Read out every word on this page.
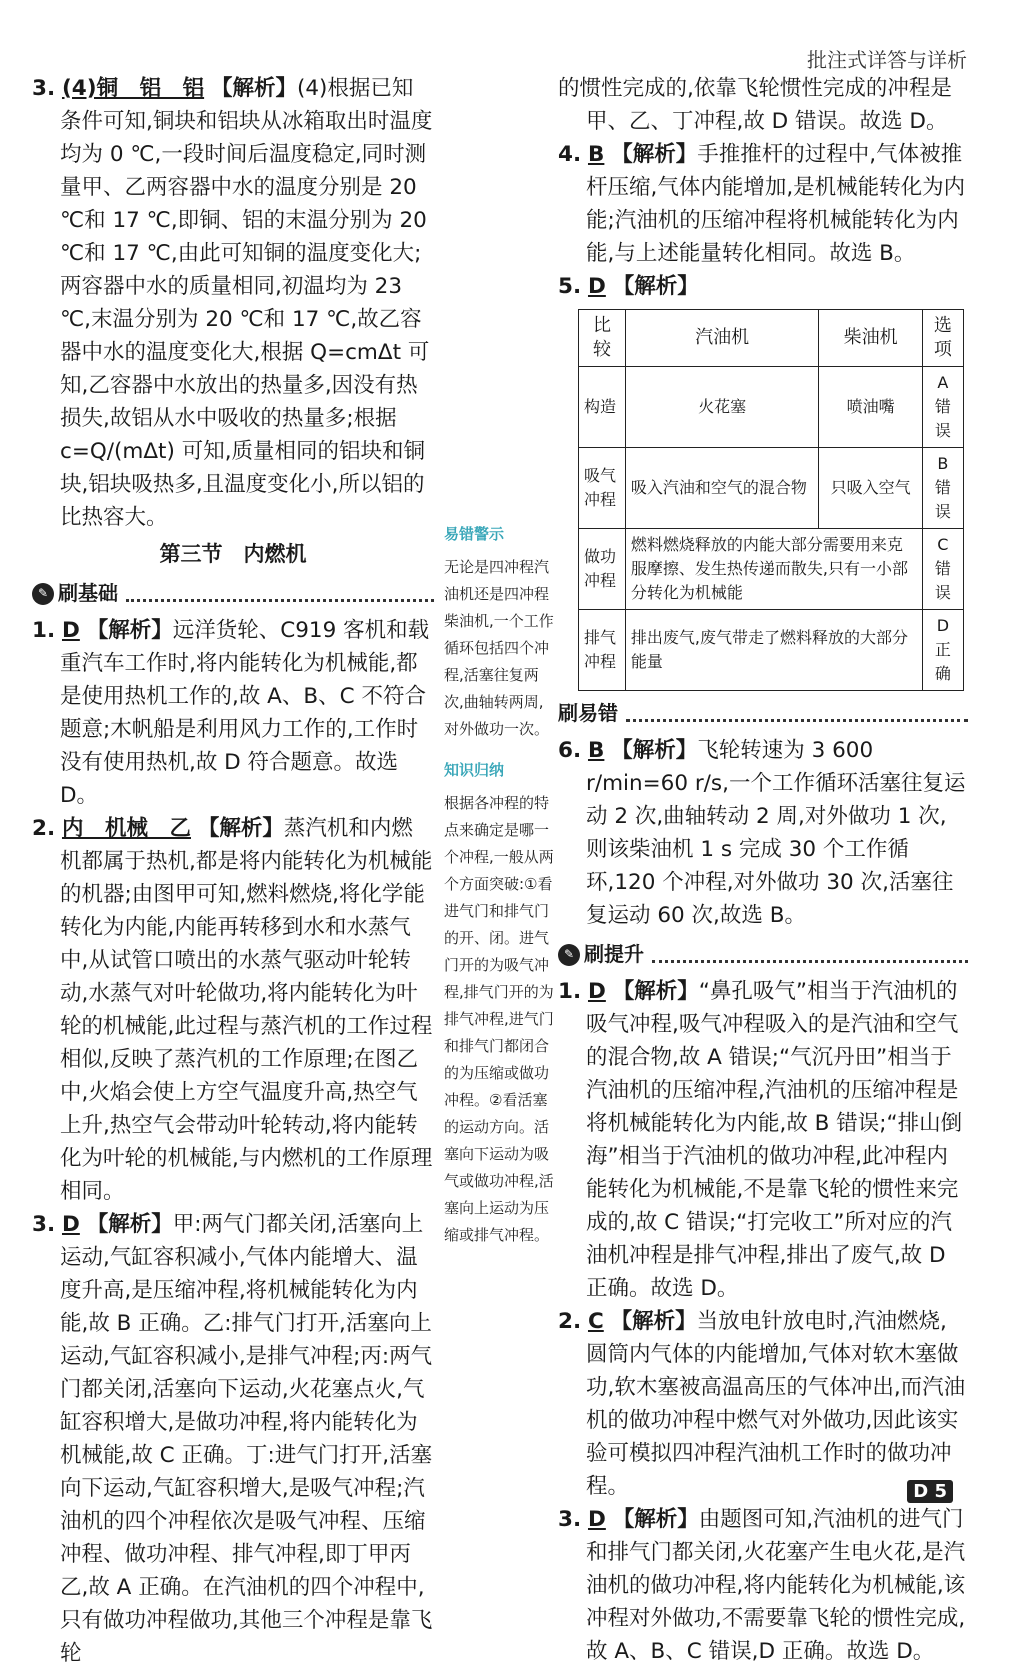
批注式详答与详析

3. (4)铜　铝　铝 【解析】(4)根据已知条件可知,铜块和铝块从冰箱取出时温度均为 0 ℃,一段时间后温度稳定,同时测量甲、乙两容器中水的温度分别是 20 ℃和 17 ℃,即铜、铝的末温分别为 20 ℃和 17 ℃,由此可知铜的温度变化大;两容器中水的质量相同,初温均为 23 ℃,末温分别为 20 ℃和 17 ℃,故乙容器中水的温度变化大,根据 Q=cmΔt 可知,乙容器中水放出的热量多,因没有热损失,故铝从水中吸收的热量多;根据 c=Q/(mΔt) 可知,质量相同的铝块和铜块,铝块吸热多,且温度变化小,所以铝的比热容大。

第三节　内燃机
✎ 刷基础

1. D 【解析】远洋货轮、C919 客机和载重汽车工作时,将内能转化为机械能,都是使用热机工作的,故 A、B、C 不符合题意;木帆船是利用风力工作的,工作时没有使用热机,故 D 符合题意。故选 D。

2. 内　机械　乙 【解析】蒸汽机和内燃机都属于热机,都是将内能转化为机械能的机器;由图甲可知,燃料燃烧,将化学能转化为内能,内能再转移到水和水蒸气中,从试管口喷出的水蒸气驱动叶轮转动,水蒸气对叶轮做功,将内能转化为叶轮的机械能,此过程与蒸汽机的工作过程相似,反映了蒸汽机的工作原理;在图乙中,火焰会使上方空气温度升高,热空气上升,热空气会带动叶轮转动,将内能转化为叶轮的机械能,与内燃机的工作原理相同。

3. D 【解析】甲:两气门都关闭,活塞向上运动,气缸容积减小,气体内能增大、温度升高,是压缩冲程,将机械能转化为内能,故 B 正确。乙:排气门打开,活塞向上运动,气缸容积减小,是排气冲程;丙:两气门都关闭,活塞向下运动,火花塞点火,气缸容积增大,是做功冲程,将内能转化为机械能,故 C 正确。丁:进气门打开,活塞向下运动,气缸容积增大,是吸气冲程;汽油机的四个冲程依次是吸气冲程、压缩冲程、做功冲程、排气冲程,即丁甲丙乙,故 A 正确。在汽油机的四个冲程中,只有做功冲程做功,其他三个冲程是靠飞轮

易错警示
无论是四冲程汽油机还是四冲程柴油机,一个工作循环包括四个冲程,活塞往复两次,曲轴转两周,对外做功一次。
知识归纳
根据各冲程的特点来确定是哪一个冲程,一般从两个方面突破:①看进气门和排气门的开、闭。进气门开的为吸气冲程,排气门开的为排气冲程,进气门和排气门都闭合的为压缩或做功冲程。②看活塞的运动方向。活塞向下运动为吸气或做功冲程,活塞向上运动为压缩或排气冲程。

的惯性完成的,依靠飞轮惯性完成的冲程是甲、乙、丁冲程,故 D 错误。故选 D。

4. B 【解析】手推推杆的过程中,气体被推杆压缩,气体内能增加,是机械能转化为内能;汽油机的压缩冲程将机械能转化为内能,与上述能量转化相同。故选 B。

5. D 【解析】

比较	汽油机	柴油机	选项
构造	火花塞	喷油嘴	A 错误
吸气冲程	吸入汽油和空气的混合物	只吸入空气	B 错误
做功冲程	燃料燃烧释放的内能大部分需要用来克服摩擦、发生热传递而散失,只有一小部分转化为机械能		C 错误
排气冲程	排出废气,废气带走了燃料释放的大部分能量		D 正确
刷易错

6. B 【解析】飞轮转速为 3 600 r/min=60 r/s,一个工作循环活塞往复运动 2 次,曲轴转动 2 周,对外做功 1 次,则该柴油机 1 s 完成 30 个工作循环,120 个冲程,对外做功 30 次,活塞往复运动 60 次,故选 B。

✎ 刷提升

1. D 【解析】“鼻孔吸气”相当于汽油机的吸气冲程,吸气冲程吸入的是汽油和空气的混合物,故 A 错误;“气沉丹田”相当于汽油机的压缩冲程,汽油机的压缩冲程是将机械能转化为内能,故 B 错误;“排山倒海”相当于汽油机的做功冲程,此冲程内能转化为机械能,不是靠飞轮的惯性来完成的,故 C 错误;“打完收工”所对应的汽油机冲程是排气冲程,排出了废气,故 D 正确。故选 D。

2. C 【解析】当放电针放电时,汽油燃烧,圆筒内气体的内能增加,气体对软木塞做功,软木塞被高温高压的气体冲出,而汽油机的做功冲程中燃气对外做功,因此该实验可模拟四冲程汽油机工作时的做功冲程。

3. D 【解析】由题图可知,汽油机的进气门和排气门都关闭,火花塞产生电火花,是汽油机的做功冲程,将内能转化为机械能,该冲程对外做功,不需要靠飞轮的惯性完成,故 A、B、C 错误,D 正确。故选 D。

D 5
